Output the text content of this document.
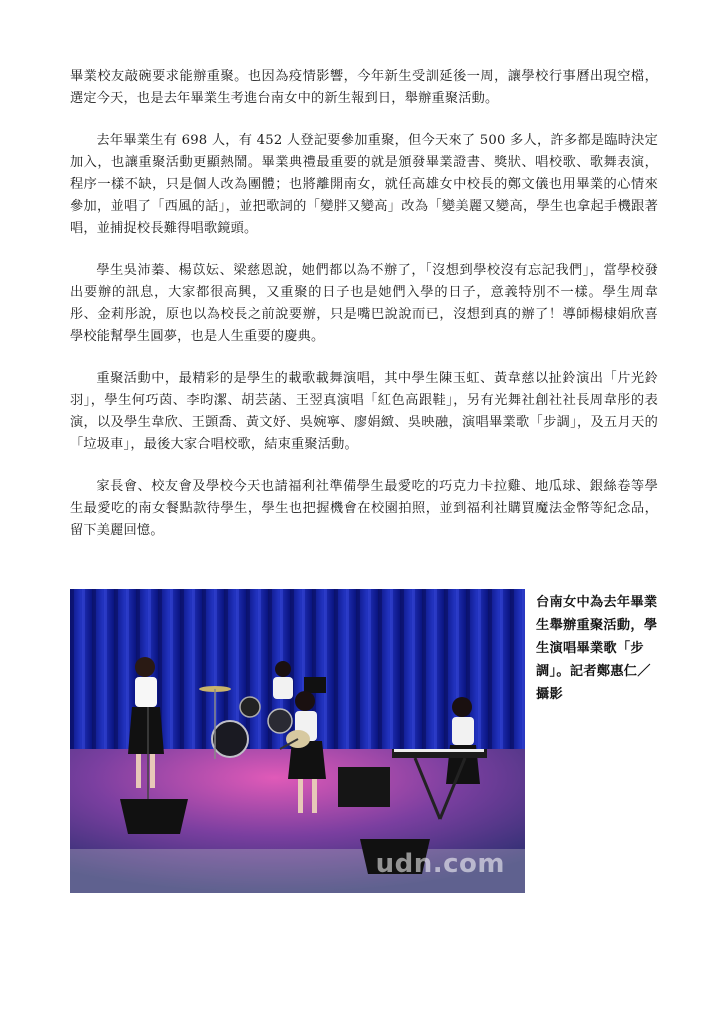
畢業校友敲碗要求能辦重聚。也因為疫情影響，今年新生受訓延後一周，讓學校行事曆出現空檔，選定今天，也是去年畢業生考進台南女中的新生報到日，舉辦重聚活動。

去年畢業生有 698 人，有 452 人登記要參加重聚，但今天來了 500 多人，許多都是臨時決定加入，也讓重聚活動更顯熱鬧。畢業典禮最重要的就是頒發畢業證書、獎狀、唱校歌、歌舞表演，程序一樣不缺，只是個人改為團體；也將離開南女，就任高雄女中校長的鄭文儀也用畢業的心情來參加，並唱了「西風的話」，並把歌詞的「變胖又變高」改為「變美麗又變高，學生也拿起手機跟著唱，並捕捉校長難得唱歌鏡頭。

學生吳沛蓁、楊苡妘、梁慈恩說，她們都以為不辦了，「沒想到學校沒有忘記我們」，當學校發出要辦的訊息，大家都很高興，又重聚的日子也是她們入學的日子，意義特別不一樣。學生周韋彤、金莉彤說，原也以為校長之前說要辦，只是嘴巴說說而已，沒想到真的辦了！導師楊棣娟欣喜學校能幫學生圓夢，也是人生重要的慶典。

重聚活動中，最精彩的是學生的載歌載舞演唱，其中學生陳玉虹、黃韋慈以扯鈴演出「片光鈴羽」，學生何巧茵、李昀潔、胡芸菡、王翌真演唱「紅色高跟鞋」，另有光舞社創社社長周韋彤的表演，以及學生韋欣、王顗喬、黃文妤、吳婉寧、廖娟緻、吳映融，演唱畢業歌「步調」，及五月天的「垃圾車」，最後大家合唱校歌，結束重聚活動。

家長會、校友會及學校今天也請福利社準備學生最愛吃的巧克力卡拉雞、地瓜球、銀絲卷等學生最愛吃的南女餐點款待學生，學生也把握機會在校園拍照，並到福利社購買魔法金幣等紀念品，留下美麗回憶。

udn.com
台南女中為去年畢業生舉辦重聚活動，學生演唱畢業歌「步調」。記者鄭惠仁／攝影
